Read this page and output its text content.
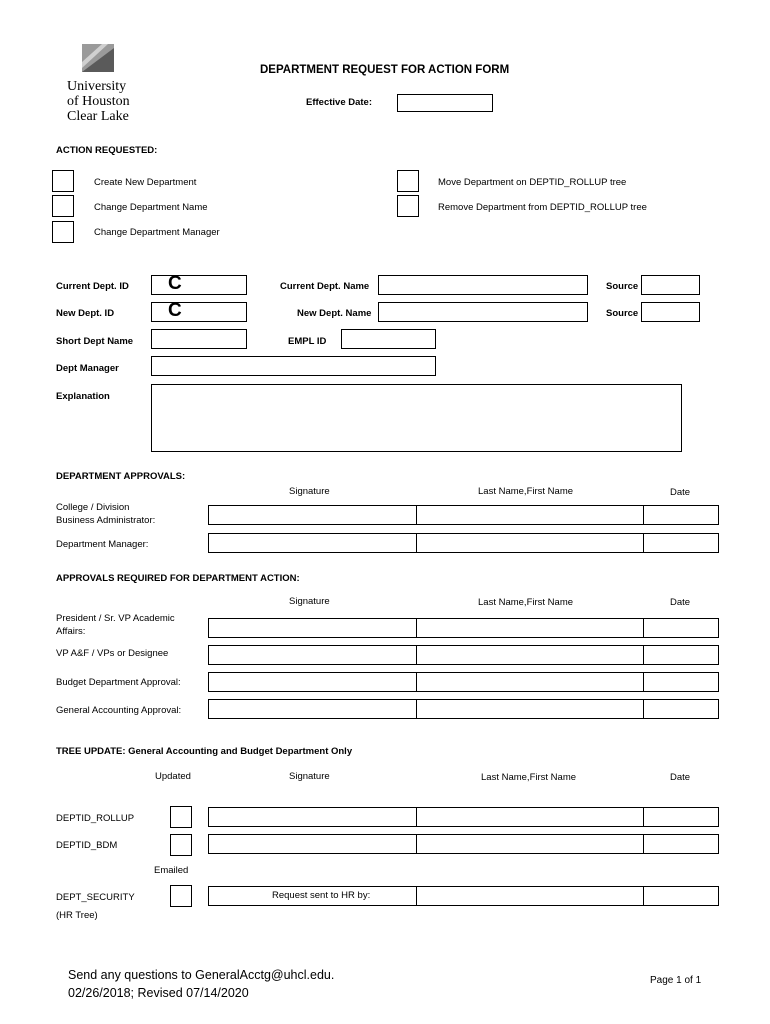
University
of Houston
Clear Lake
DEPARTMENT REQUEST FOR ACTION FORM
Effective Date:
ACTION REQUESTED:
Create New Department
Change Department Name
Change Department Manager
Move Department on DEPTID_ROLLUP tree
Remove Department from DEPTID_ROLLUP tree
Current Dept. ID C	Current Dept. Name	Source
New Dept. ID	C	New Dept. Name	Source
Short Dept Name	EMPL ID
Dept Manager
Explanation
DEPARTMENT APPROVALS:
Signature	Last Name,First Name	Date
College / Division
Business Administrator:
Department Manager:
APPROVALS REQUIRED FOR DEPARTMENT ACTION:
Signature	Last Name,First Name	Date
President / Sr. VP Academic
Affairs:
VP A&F / VPs or Designee
Budget Department Approval:
General Accounting Approval:
TREE UPDATE: General Accounting and Budget Department Only
Updated	Signature	Last Name,First Name	Date
DEPTID_ROLLUP
DEPTID_BDM
Emailed
DEPT_SECURITY
(HR Tree)
Request sent to HR by:
Send any questions to GeneralAcctg@uhcl.edu.
02/26/2018; Revised 07/14/2020
Page 1 of 1
